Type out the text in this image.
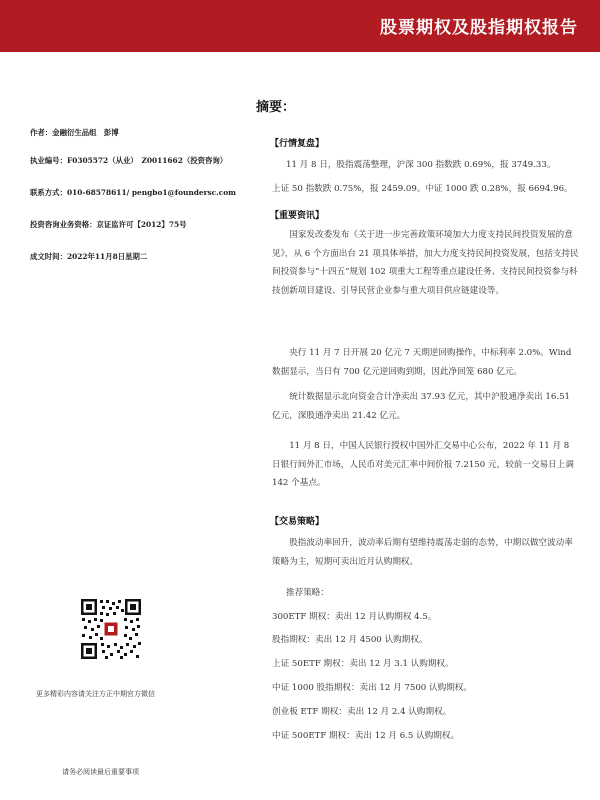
股票期权及股指期权报告
作者：金融衍生品组　彭博
执业编号：F0305572（从业）　Z0011662（投资咨询）
联系方式：010-68578611/ pengbo1@foundersc.com
投资咨询业务资格：京证监许可【2012】75号
成文时间：2022年11月8日星期二
更多精彩内容请关注方正中期官方微信
请务必阅读最后重要事项
摘要：
【行情复盘】
11 月 8 日，股指震荡整理，沪深 300 指数跌 0.69%，报 3749.33。
上证 50 指数跌 0.75%，报 2459.09。中证 1000 跌 0.28%，报 6694.96。
【重要资讯】

国家发改委发布《关于进一步完善政策环境加大力度支持民间投资发展的意见》，从 6 个方面出台 21 项具体举措，加大力度支持民间投资发展，包括支持民间投资参与“十四五”规划 102 项重大工程等重点建设任务、支持民间投资参与科技创新项目建设、引导民营企业参与重大项目供应链建设等。

央行 11 月 7 日开展 20 亿元 7 天期逆回购操作，中标利率 2.0%。Wind 数据显示，当日有 700 亿元逆回购到期，因此净回笼 680 亿元。

统计数据显示北向资金合计净卖出 37.93 亿元，其中沪股通净卖出 16.51 亿元，深股通净卖出 21.42 亿元。

11 月 8 日，中国人民银行授权中国外汇交易中心公布，2022 年 11 月 8 日银行间外汇市场，人民币对美元汇率中间价报 7.2150 元，较前一交易日上调 142 个基点。

【交易策略】

股指波动率回升，波动率后期有望维持震荡走弱的态势，中期以做空波动率策略为主，短期可卖出近月认购期权。

推荐策略：
300ETF 期权：卖出 12 月认购期权 4.5。
股指期权：卖出 12 月 4500 认购期权。
上证 50ETF 期权：卖出 12 月 3.1 认购期权。
中证 1000 股指期权：卖出 12 月 7500 认购期权。
创业板 ETF 期权：卖出 12 月 2.4 认购期权。
中证 500ETF 期权：卖出 12 月 6.5 认购期权。
